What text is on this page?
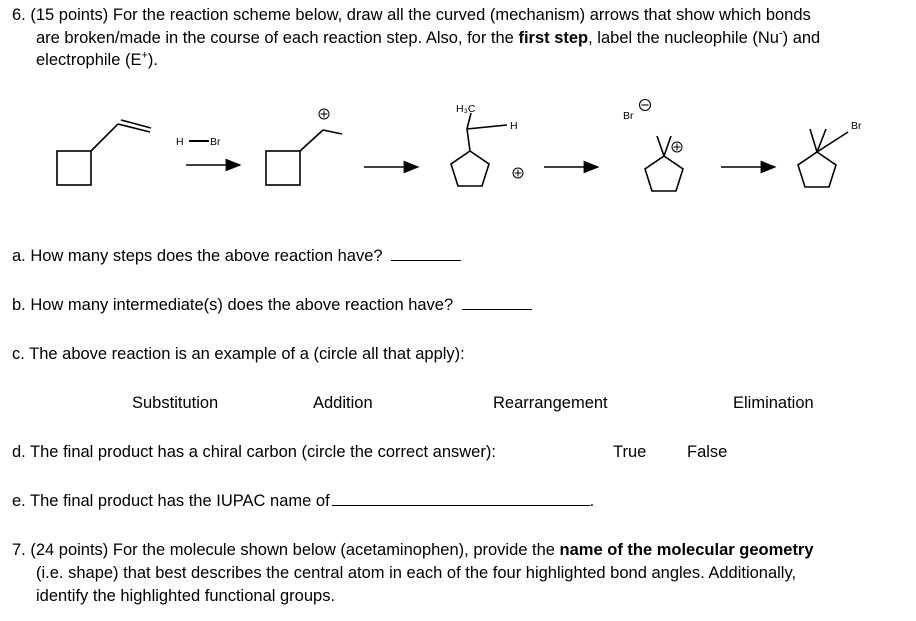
6. (15 points) For the reaction scheme below, draw all the curved (mechanism) arrows that show which bonds
are broken/made in the course of each reaction step. Also, for the first step, label the nucleophile (Nu-) and
electrophile (E+).
H	Br
H₃C
H
Br
Br
a. How many steps does the above reaction have?
b. How many intermediate(s) does the above reaction have?
c. The above reaction is an example of a (circle all that apply):
Substitution	Addition	Rearrangement	Elimination
d. The final product has a chiral carbon (circle the correct answer):	True False
e. The final product has the IUPAC name of	.
7. (24 points) For the molecule shown below (acetaminophen), provide the name of the molecular geometry
(i.e. shape) that best describes the central atom in each of the four highlighted bond angles. Additionally,
identify the highlighted functional groups.
